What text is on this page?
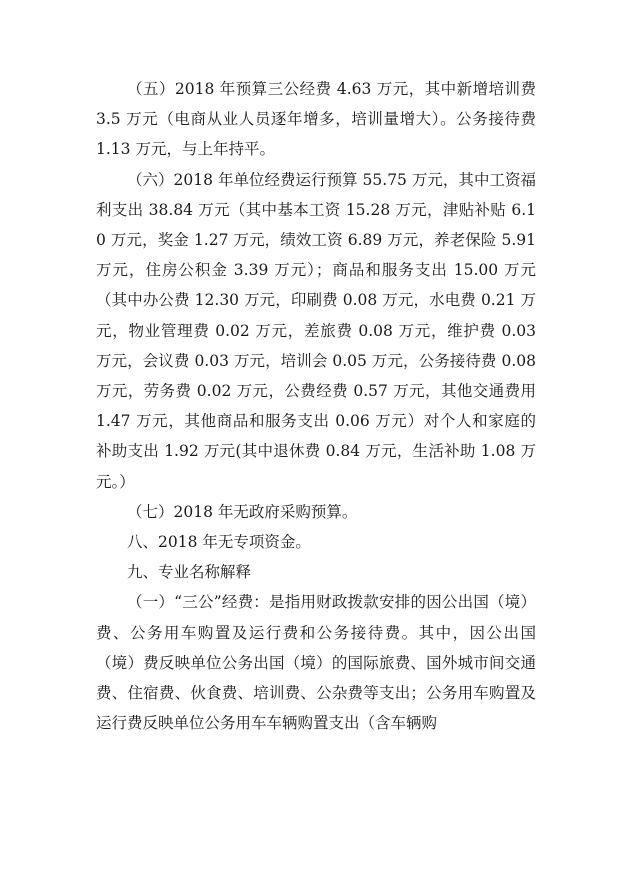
（五）2018 年预算三公经费 4.63 万元，其中新增培训费 3.5 万元（电商从业人员逐年增多，培训量增大）。公务接待费 1.13 万元，与上年持平。

（六）2018 年单位经费运行预算 55.75 万元，其中工资福利支出 38.84 万元（其中基本工资 15.28 万元，津贴补贴 6.10 万元，奖金 1.27 万元，绩效工资 6.89 万元，养老保险 5.91 万元，住房公积金 3.39 万元）；商品和服务支出 15.00 万元（其中办公费 12.30 万元，印刷费 0.08 万元，水电费 0.21 万元，物业管理费 0.02 万元，差旅费 0.08 万元，维护费 0.03 万元，会议费 0.03 万元，培训会 0.05 万元，公务接待费 0.08 万元，劳务费 0.02 万元，公费经费 0.57 万元，其他交通费用 1.47 万元，其他商品和服务支出 0.06 万元）对个人和家庭的补助支出 1.92 万元(其中退休费 0.84 万元，生活补助 1.08 万元。）

（七）2018 年无政府采购预算。

八、2018 年无专项资金。

九、专业名称解释

（一）“三公”经费：是指用财政拨款安排的因公出国（境）费、公务用车购置及运行费和公务接待费。其中，因公出国（境）费反映单位公务出国（境）的国际旅费、国外城市间交通费、住宿费、伙食费、培训费、公杂费等支出；公务用车购置及运行费反映单位公务用车车辆购置支出（含车辆购
